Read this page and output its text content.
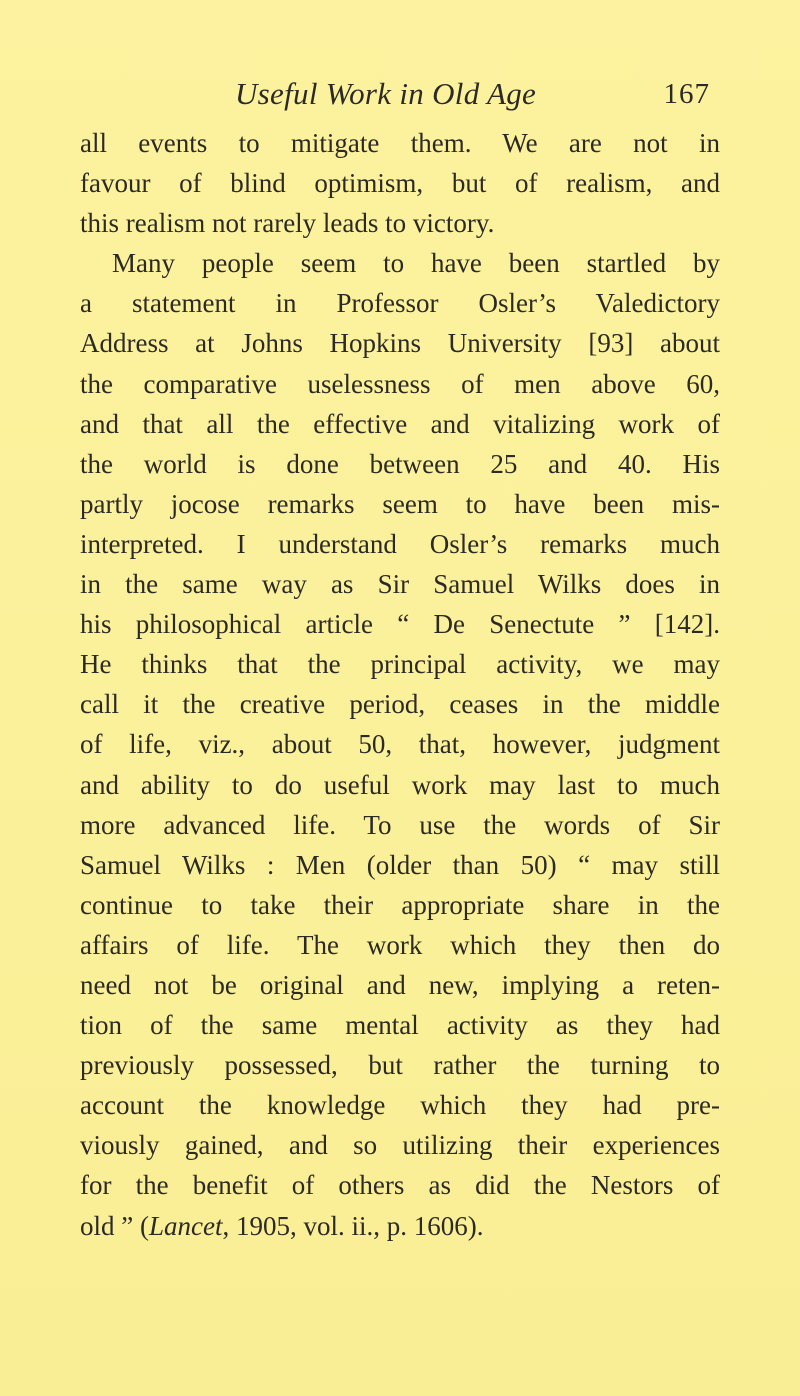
Useful Work in Old Age	167
all events to mitigate them. We are not in
favour of blind optimism, but of realism, and
this realism not rarely leads to victory.
Many people seem to have been startled by
a statement in Professor Osler’s Valedictory
Address at Johns Hopkins University [93] about
the comparative uselessness of men above 60,
and that all the effective and vitalizing work of
the world is done between 25 and 40. His
partly jocose remarks seem to have been mis-
interpreted. I understand Osler’s remarks much
in the same way as Sir Samuel Wilks does in
his philosophical article “ De Senectute ” [142].
He thinks that the principal activity, we may
call it the creative period, ceases in the middle
of life, viz., about 50, that, however, judgment
and ability to do useful work may last to much
more advanced life. To use the words of Sir
Samuel Wilks : Men (older than 50) “ may still
continue to take their appropriate share in the
affairs of life. The work which they then do
need not be original and new, implying a reten-
tion of the same mental activity as they had
previously possessed, but rather the turning to
account the knowledge which they had pre-
viously gained, and so utilizing their experiences
for the benefit of others as did the Nestors of
old ” (Lancet, 1905, vol. ii., p. 1606).
